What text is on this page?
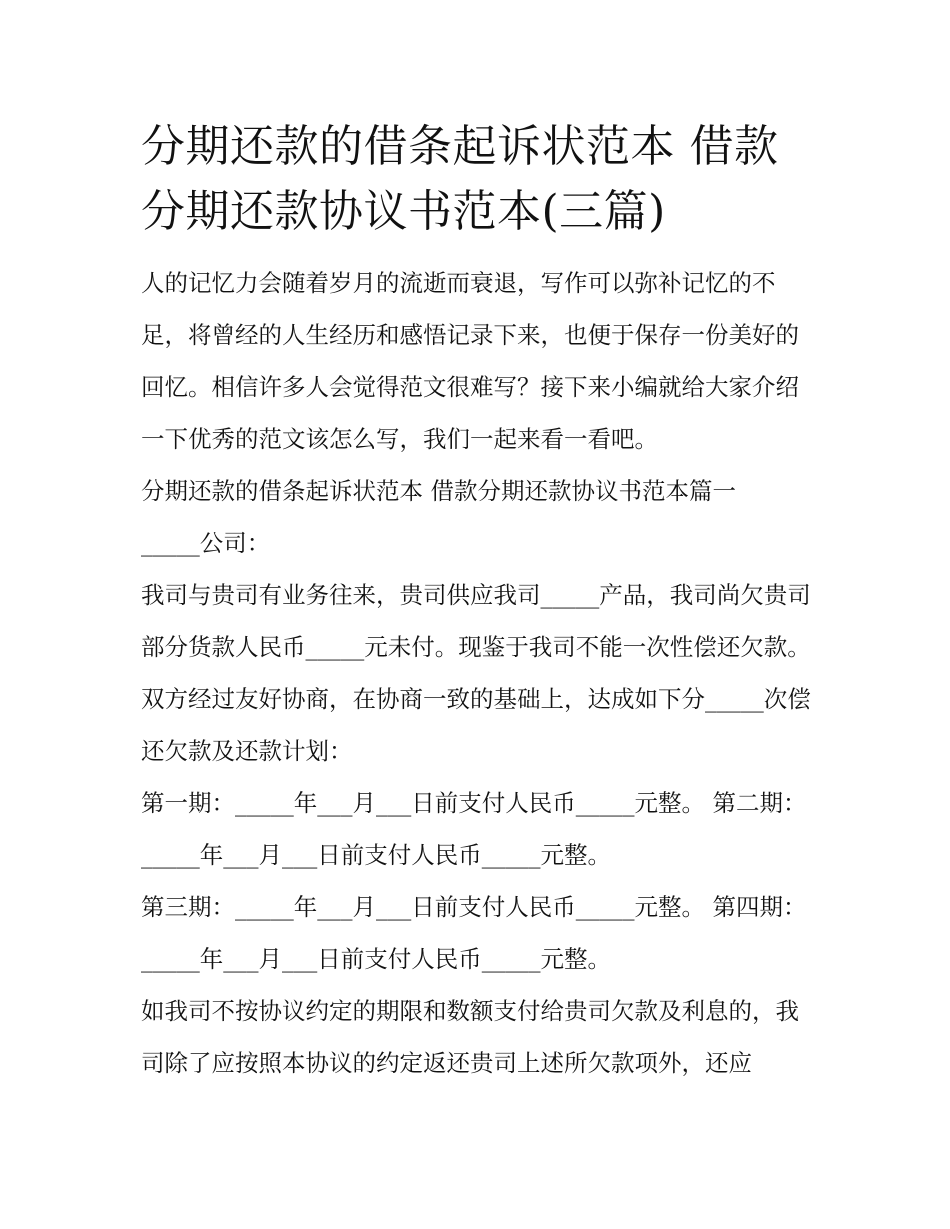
分期还款的借条起诉状范本 借款分期还款协议书范本(三篇)

人的记忆力会随着岁月的流逝而衰退，写作可以弥补记忆的不足，将曾经的人生经历和感悟记录下来，也便于保存一份美好的回忆。相信许多人会觉得范文很难写？接下来小编就给大家介绍一下优秀的范文该怎么写，我们一起来看一看吧。

分期还款的借条起诉状范本 借款分期还款协议书范本篇一

_____公司：

我司与贵司有业务往来，贵司供应我司_____产品，我司尚欠贵司部分货款人民币_____元未付。现鉴于我司不能一次性偿还欠款。双方经过友好协商，在协商一致的基础上，达成如下分_____次偿还欠款及还款计划：

第一期：_____年___月___日前支付人民币_____元整。 第二期：_____年___月___日前支付人民币_____元整。

第三期：_____年___月___日前支付人民币_____元整。 第四期：_____年___月___日前支付人民币_____元整。

如我司不按协议约定的期限和数额支付给贵司欠款及利息的，我司除了应按照本协议的约定返还贵司上述所欠款项外，还应
